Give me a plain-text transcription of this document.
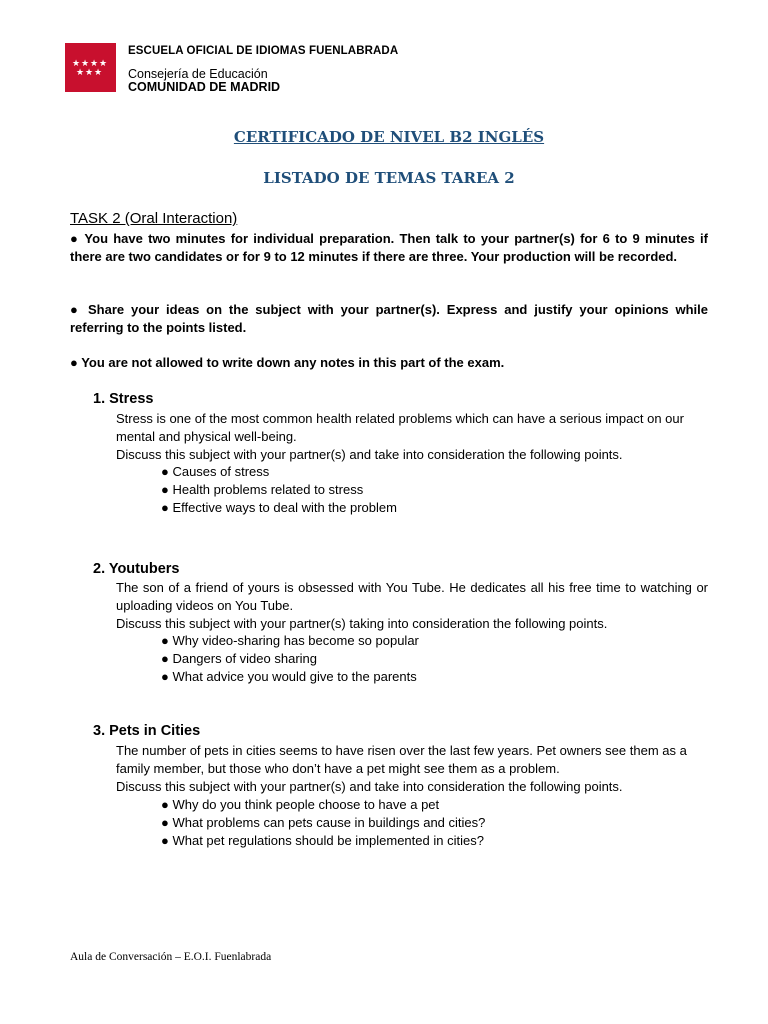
★ ★ ★ ★
★ ★ ★
ESCUELA OFICIAL DE IDIOMAS FUENLABRADA
Consejería de Educación
COMUNIDAD DE MADRID
CERTIFICADO DE NIVEL B2 INGLÉS
LISTADO DE TEMAS TAREA 2
TASK 2 (Oral Interaction)
● You have two minutes for individual preparation. Then talk to your partner(s) for 6 to 9 minutes if there are two candidates or for 9 to 12 minutes if there are three. Your production will be recorded.
● Share your ideas on the subject with your partner(s). Express and justify your opinions while referring to the points listed.
● You are not allowed to write down any notes in this part of the exam.
1. Stress
Stress is one of the most common health related problems which can have a serious impact on our mental and physical well-being.
Discuss this subject with your partner(s) and take into consideration the following points.
● Causes of stress
● Health problems related to stress
● Effective ways to deal with the problem
2. Youtubers
The son of a friend of yours is obsessed with You Tube. He dedicates all his free time to watching or uploading videos on You Tube.
Discuss this subject with your partner(s) taking into consideration the following points.
● Why video-sharing has become so popular
● Dangers of video sharing
● What advice you would give to the parents
3. Pets in Cities
The number of pets in cities seems to have risen over the last few years. Pet owners see them as a family member, but those who don’t have a pet might see them as a problem.
Discuss this subject with your partner(s) and take into consideration the following points.
● Why do you think people choose to have a pet
● What problems can pets cause in buildings and cities?
● What pet regulations should be implemented in cities?
Aula de Conversación – E.O.I. Fuenlabrada
